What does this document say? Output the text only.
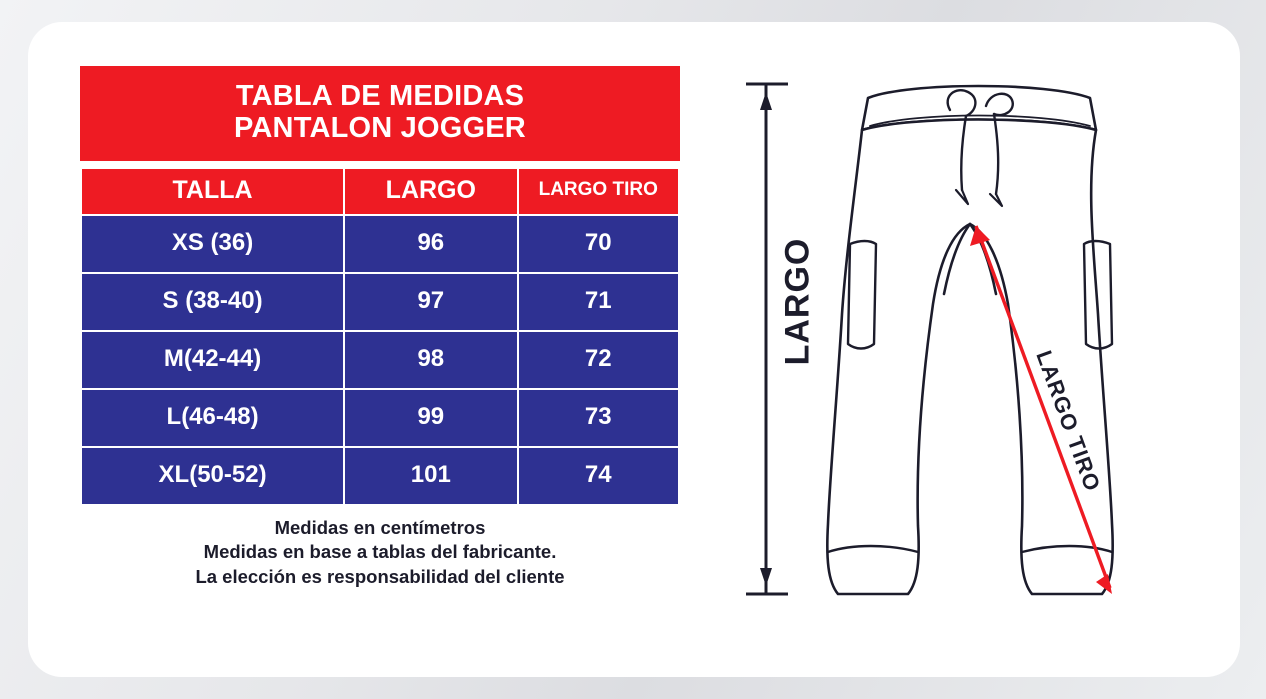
TABLA DE MEDIDAS
PANTALON JOGGER
TALLA	LARGO	LARGO TIRO
XS (36)	96	70
S (38-40)	97	71
M(42-44)	98	72
L(46-48)	99	73
XL(50-52)	101	74
Medidas en centímetros
Medidas en base a tablas del fabricante.
La elección es responsabilidad del cliente
LARGO
LARGO TIRO
